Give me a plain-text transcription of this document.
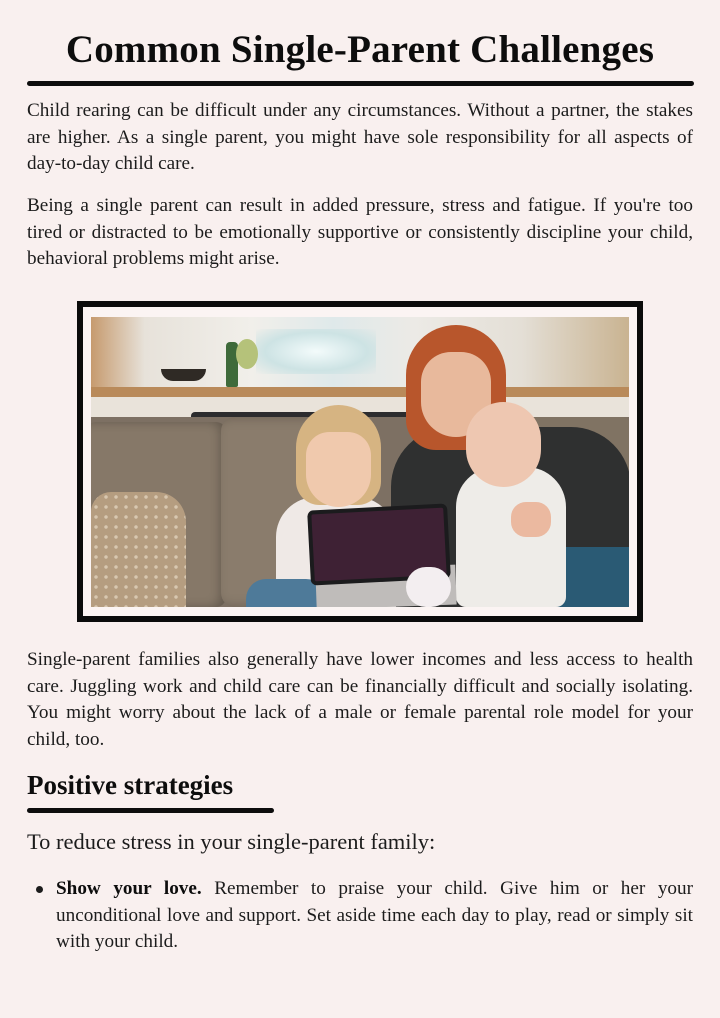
Common Single-Parent Challenges

Child rearing can be difficult under any circumstances. Without a partner, the stakes are higher. As a single parent, you might have sole responsibility for all aspects of day-to-day child care.

Being a single parent can result in added pressure, stress and fatigue. If you're too tired or distracted to be emotionally supportive or consistently discipline your child, behavioral problems might arise.

Single-parent families also generally have lower incomes and less access to health care. Juggling work and child care can be financially difficult and socially isolating. You might worry about the lack of a male or female parental role model for your child, too.

Positive strategies

To reduce stress in your single-parent family:

Show your love. Remember to praise your child. Give him or her your unconditional love and support. Set aside time each day to play, read or simply sit with your child.
